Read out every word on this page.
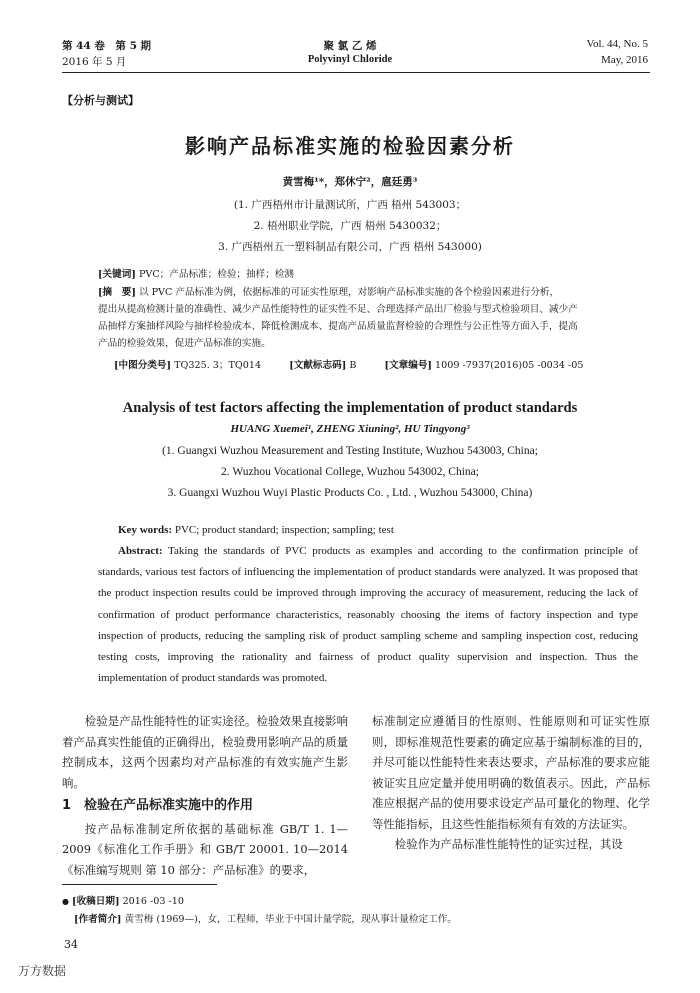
第 44 卷　第 5 期
2016 年 5 月
聚 氯 乙 烯
Polyvinyl Chloride
Vol. 44, No. 5
May, 2016
【分析与测试】
影响产品标准实施的检验因素分析
黄雪梅¹*，郑休宁²，扈廷勇³
(1. 广西梧州市计量测试所，广西 梧州 543003；
2. 梧州职业学院，广西 梧州 5430032；
3. 广西梧州五一塑料制品有限公司，广西 梧州 543000)
[关键词] PVC；产品标准；检验；抽样；检测
[摘　要] 以 PVC 产品标准为例，依据标准的可证实性原理，对影响产品标准实施的各个检验因素进行分析，
提出从提高检测计量的准确性、减少产品性能特性的证实性不足、合理选择产品出厂检验与型式检验项目、减少产
品抽样方案抽样风险与抽样检验成本、降低检测成本、提高产品质量监督检验的合理性与公正性等方面入手，提高
产品的检验效果，促进产品标准的实施。
[中图分类号] TQ325. 3；TQ014	[文献标志码] B	[文章编号] 1009 -7937(2016)05 -0034 -05
Analysis of test factors affecting the implementation of product standards
HUANG Xuemei¹, ZHENG Xiuning², HU Tingyong³
(1. Guangxi Wuzhou Measurement and Testing Institute, Wuzhou 543003, China;
2. Wuzhou Vocational College, Wuzhou 543002, China;
3. Guangxi Wuzhou Wuyi Plastic Products Co. , Ltd. , Wuzhou 543000, China)
Key words: PVC; product standard; inspection; sampling; test
Abstract: Taking the standards of PVC products as examples and according to the confirmation principle of standards, various test factors of influencing the implementation of product standards were analyzed. It was proposed that the product inspection results could be improved through improving the accuracy of measurement, reducing the lack of confirmation of product performance characteristics, reasonably choosing the items of factory inspection and type inspection of products, reducing the sampling risk of product sampling scheme and sampling inspection cost, reducing testing costs, improving the rationality and fairness of product quality supervision and inspection. Thus the implementation of product standards was promoted.

检验是产品性能特性的证实途径。检验效果直接影响着产品真实性能值的正确得出，检验费用影响产品的质量控制成本，这两个因素均对产品标准的有效实施产生影响。

1　检验在产品标准实施中的作用

按产品标准制定所依据的基础标准 GB/T 1. 1—2009《标准化工作手册》和 GB/T 20001. 10—2014《标准编写规则 第 10 部分：产品标准》的要求，

标准制定应遵循目的性原则、性能原则和可证实性原则，即标准规范性要素的确定应基于编制标准的目的，并尽可能以性能特性来表达要求，产品标准的要求应能被证实且应定量并使用明确的数值表示。因此，产品标准应根据产品的使用要求设定产品可量化的物理、化学等性能指标，且这些性能指标须有有效的方法证实。

检验作为产品标准性能特性的证实过程，其设

● [收稿日期] 2016 -03 -10
[作者简介] 黄雪梅 (1969—)，女，工程师，毕业于中国计量学院，现从事计量检定工作。
34
万方数据
